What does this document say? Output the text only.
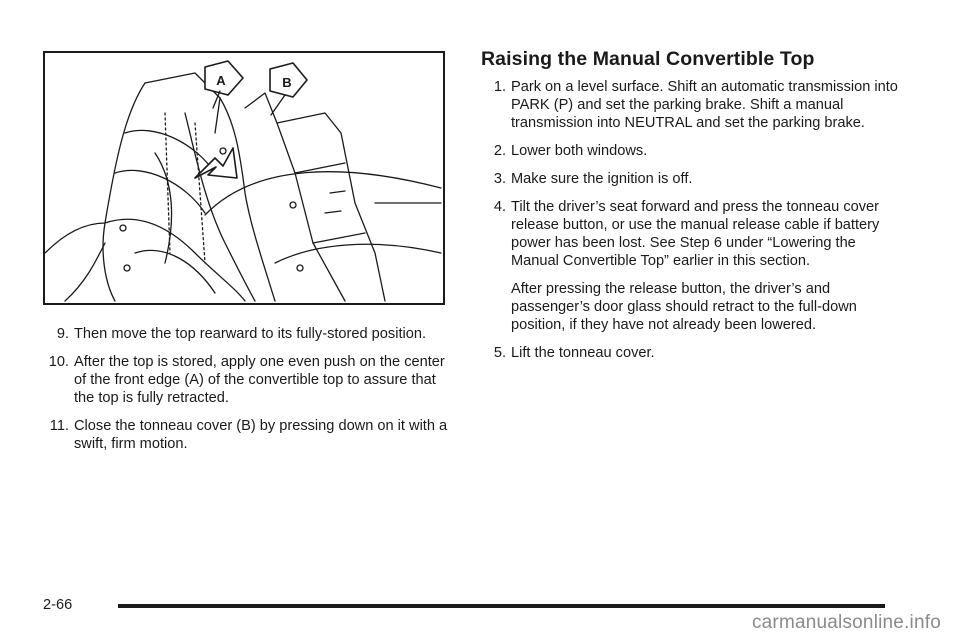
A	B
9. Then move the top rearward to its fully-stored position.
10. After the top is stored, apply one even push on the center of the front edge (A) of the convertible top to assure that the top is fully retracted.
11. Close the tonneau cover (B) by pressing down on it with a swift, firm motion.
Raising the Manual Convertible Top
1. Park on a level surface. Shift an automatic transmission into PARK (P) and set the parking brake. Shift a manual transmission into NEUTRAL and set the parking brake.
2. Lower both windows.
3. Make sure the ignition is off.
4. Tilt the driver’s seat forward and press the tonneau cover release button, or use the manual release cable if battery power has been lost. See Step 6 under “Lowering the Manual Convertible Top” earlier in this section.
After pressing the release button, the driver’s and passenger’s door glass should retract to the full-down position, if they have not already been lowered.
5. Lift the tonneau cover.
2-66
carmanualsonline.info
